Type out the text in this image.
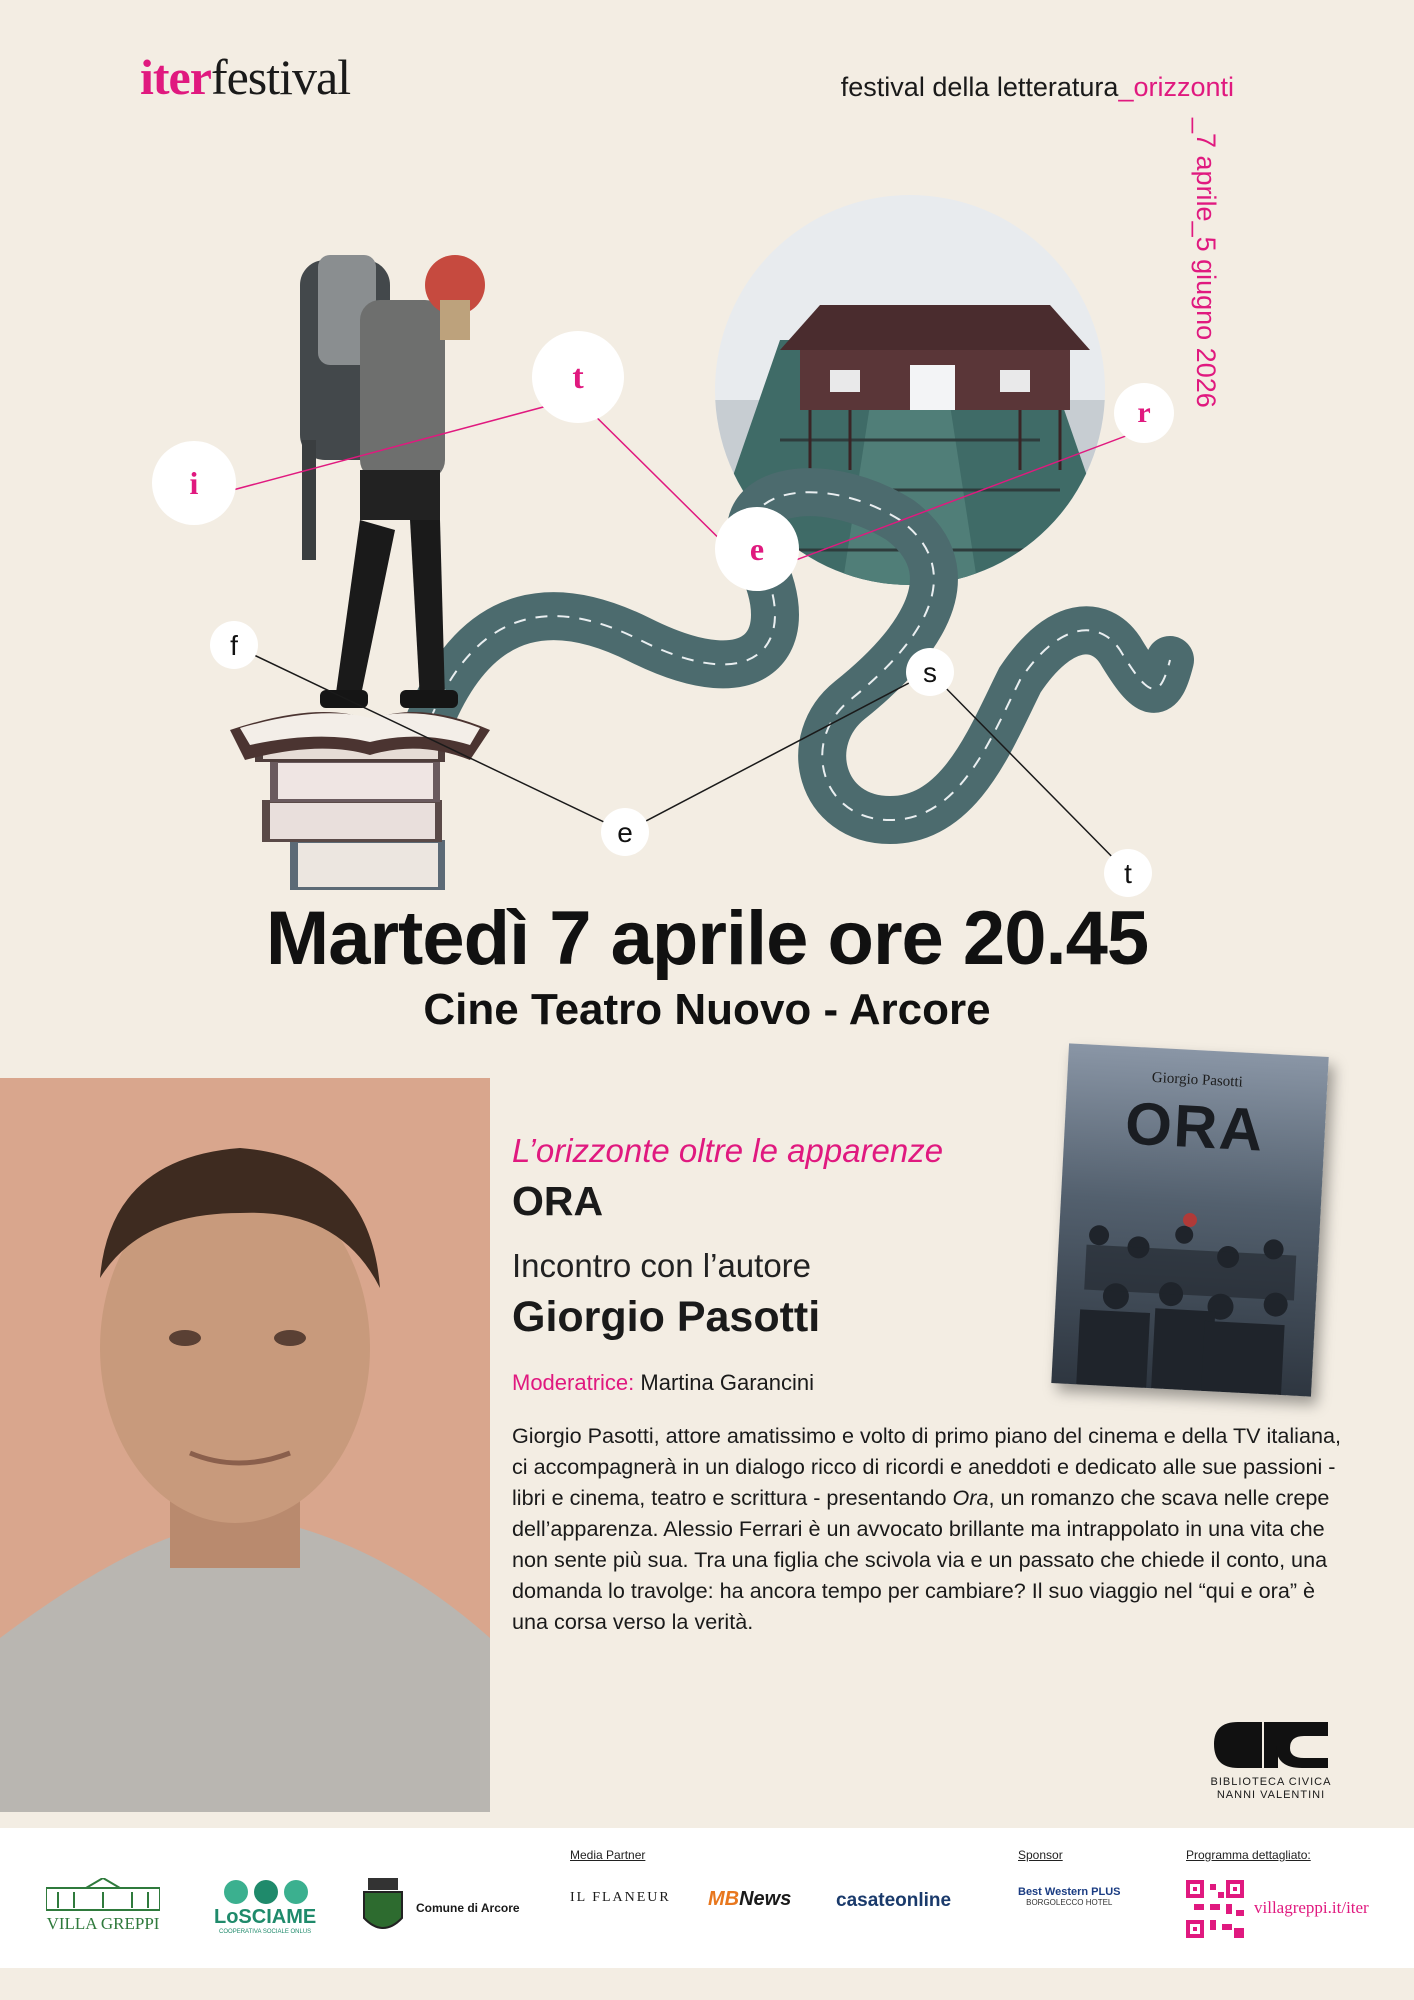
iterfestival	festival della letteratura_orizzonti
_7 aprile_5 giugno 2026
i
t
e
r
f
e
s
t
Martedì 7 aprile ore 20.45
Cine Teatro Nuovo - Arcore
Giorgio Pasotti
ORA
L’orizzonte oltre le apparenze
ORA
Incontro con l’autore
Giorgio Pasotti
Moderatrice: Martina Garancini
Giorgio Pasotti, attore amatissimo e volto di primo piano del cinema e della TV italiana, ci accompagnerà in un dialogo ricco di ricordi e aneddoti e dedicato alle sue passioni - libri e cinema, teatro e scrittura - presentando Ora, un romanzo che scava nelle crepe dell’apparenza. Alessio Ferrari è un avvocato brillante ma intrappolato in una vita che non sente più sua. Tra una figlia che scivola via e un passato che chiede il conto, una domanda lo travolge: ha ancora tempo per cambiare? Il suo viaggio nel “qui e ora” è una corsa verso la verità.
BIBLIOTECA CIVICA
NANNI VALENTINI
Media Partner	Sponsor	Programma dettagliato:
VILLA GREPPI	LoSCIAME
COOPERATIVA SOCIALE ONLUS
Comune di Arcore
IL FLANEUR MBNews casateonline	Best Western PLUS
BORGOLECCO HOTEL	villagreppi.it/iter
